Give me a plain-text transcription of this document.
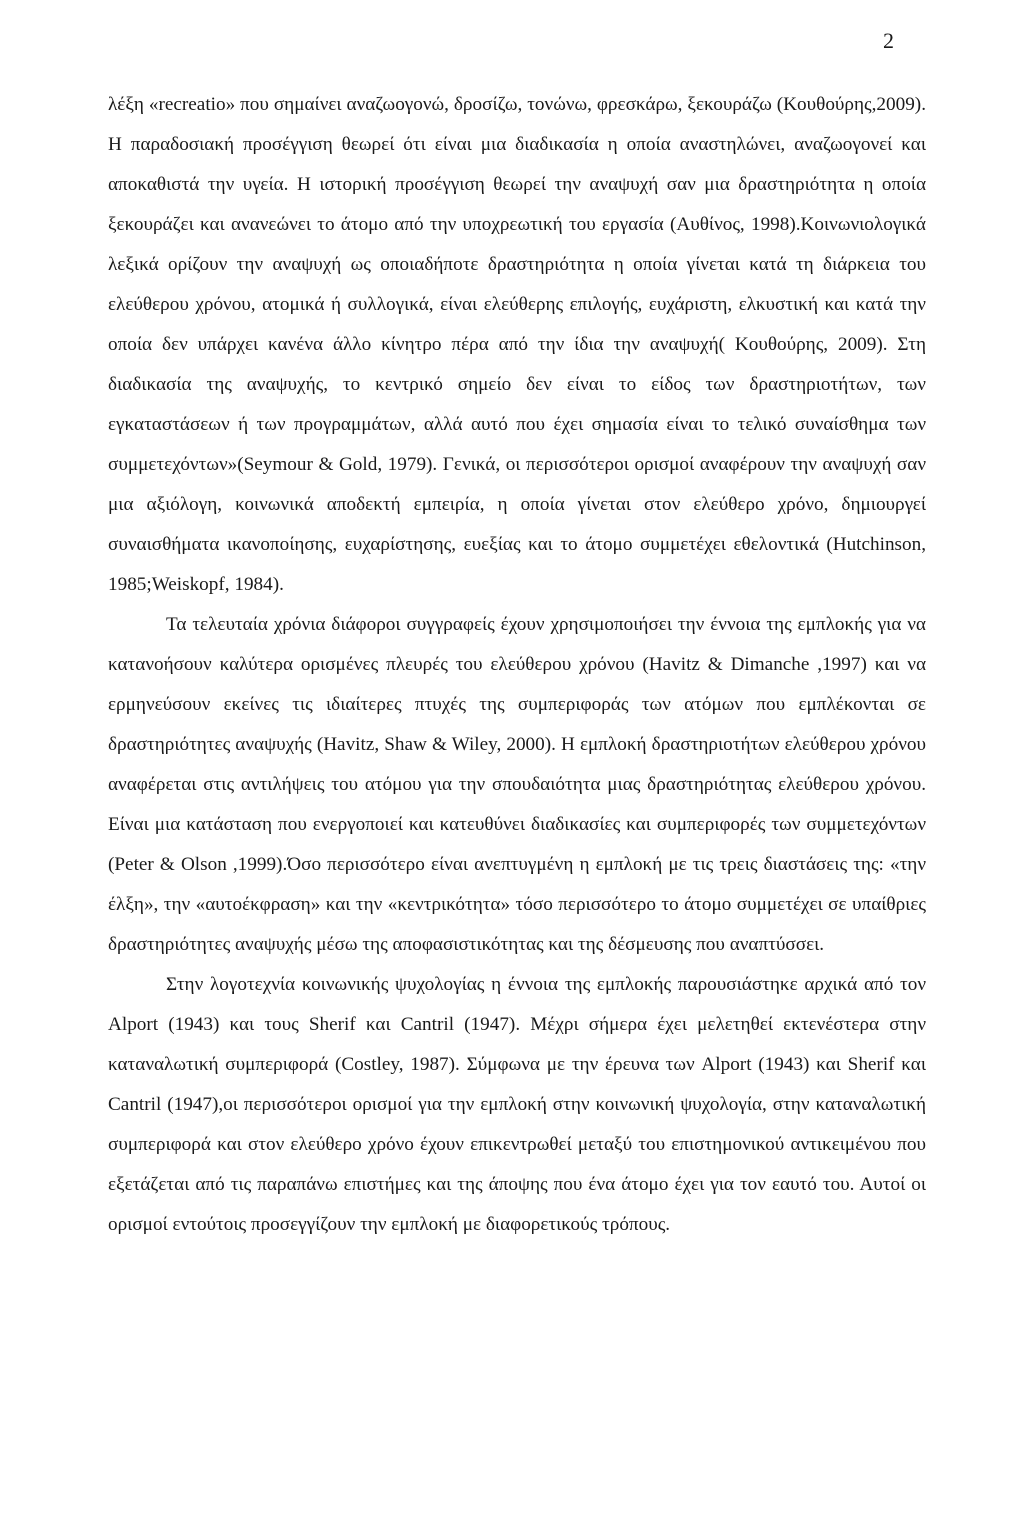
2

λέξη «recreatio» που σημαίνει αναζωογονώ, δροσίζω, τονώνω, φρεσκάρω, ξεκουράζω (Κουθούρης,2009). Η παραδοσιακή προσέγγιση θεωρεί ότι είναι μια διαδικασία η οποία αναστηλώνει, αναζωογονεί και αποκαθιστά την υγεία. Η ιστορική προσέγγιση θεωρεί την αναψυχή σαν μια δραστηριότητα η οποία ξεκουράζει και ανανεώνει το άτομο από την υποχρεωτική του εργασία (Αυθίνος, 1998).Κοινωνιολογικά λεξικά ορίζουν την αναψυχή ως οποιαδήποτε δραστηριότητα η οποία γίνεται κατά τη διάρκεια του ελεύθερου χρόνου, ατομικά ή συλλογικά, είναι ελεύθερης επιλογής, ευχάριστη, ελκυστική και κατά την οποία δεν υπάρχει κανένα άλλο κίνητρο πέρα από την ίδια την αναψυχή( Κουθούρης, 2009). Στη διαδικασία της αναψυχής, το κεντρικό σημείο δεν είναι το είδος των δραστηριοτήτων, των εγκαταστάσεων ή των προγραμμάτων, αλλά αυτό που έχει σημασία είναι το τελικό συναίσθημα των συμμετεχόντων»(Seymour & Gold, 1979). Γενικά, οι περισσότεροι ορισμοί αναφέρουν την αναψυχή σαν μια αξιόλογη, κοινωνικά αποδεκτή εμπειρία, η οποία γίνεται στον ελεύθερο χρόνο, δημιουργεί συναισθήματα ικανοποίησης, ευχαρίστησης, ευεξίας και το άτομο συμμετέχει εθελοντικά (Hutchinson, 1985;Weiskopf, 1984).

Τα τελευταία χρόνια διάφοροι συγγραφείς έχουν χρησιμοποιήσει την έννοια της εμπλοκής για να κατανοήσουν καλύτερα ορισμένες πλευρές του ελεύθερου χρόνου (Havitz & Dimanche ,1997) και να ερμηνεύσουν εκείνες τις ιδιαίτερες πτυχές της συμπεριφοράς των ατόμων που εμπλέκονται σε δραστηριότητες αναψυχής (Havitz, Shaw & Wiley, 2000). Η εμπλοκή δραστηριοτήτων ελεύθερου χρόνου αναφέρεται στις αντιλήψεις του ατόμου για την σπουδαιότητα μιας δραστηριότητας ελεύθερου χρόνου. Είναι μια κατάσταση που ενεργοποιεί και κατευθύνει διαδικασίες και συμπεριφορές των συμμετεχόντων (Peter & Olson ,1999).Όσο περισσότερο είναι ανεπτυγμένη η εμπλοκή με τις τρεις διαστάσεις της: «την έλξη», την «αυτοέκφραση» και την «κεντρικότητα» τόσο περισσότερο το άτομο συμμετέχει σε υπαίθριες δραστηριότητες αναψυχής μέσω της αποφασιστικότητας και της δέσμευσης που αναπτύσσει.

Στην λογοτεχνία κοινωνικής ψυχολογίας η έννοια της εμπλοκής παρουσιάστηκε αρχικά από τον Alport (1943) και τους Sherif και Cantril (1947). Μέχρι σήμερα έχει μελετηθεί εκτενέστερα στην καταναλωτική συμπεριφορά (Costley, 1987). Σύμφωνα με την έρευνα των Alport (1943) και Sherif και Cantril (1947),οι περισσότεροι ορισμοί για την εμπλοκή στην κοινωνική ψυχολογία, στην καταναλωτική συμπεριφορά και στον ελεύθερο χρόνο έχουν επικεντρωθεί μεταξύ του επιστημονικού αντικειμένου που εξετάζεται από τις παραπάνω επιστήμες και της άποψης που ένα άτομο έχει για τον εαυτό του. Αυτοί οι ορισμοί εντούτοις προσεγγίζουν την εμπλοκή με διαφορετικούς τρόπους.
